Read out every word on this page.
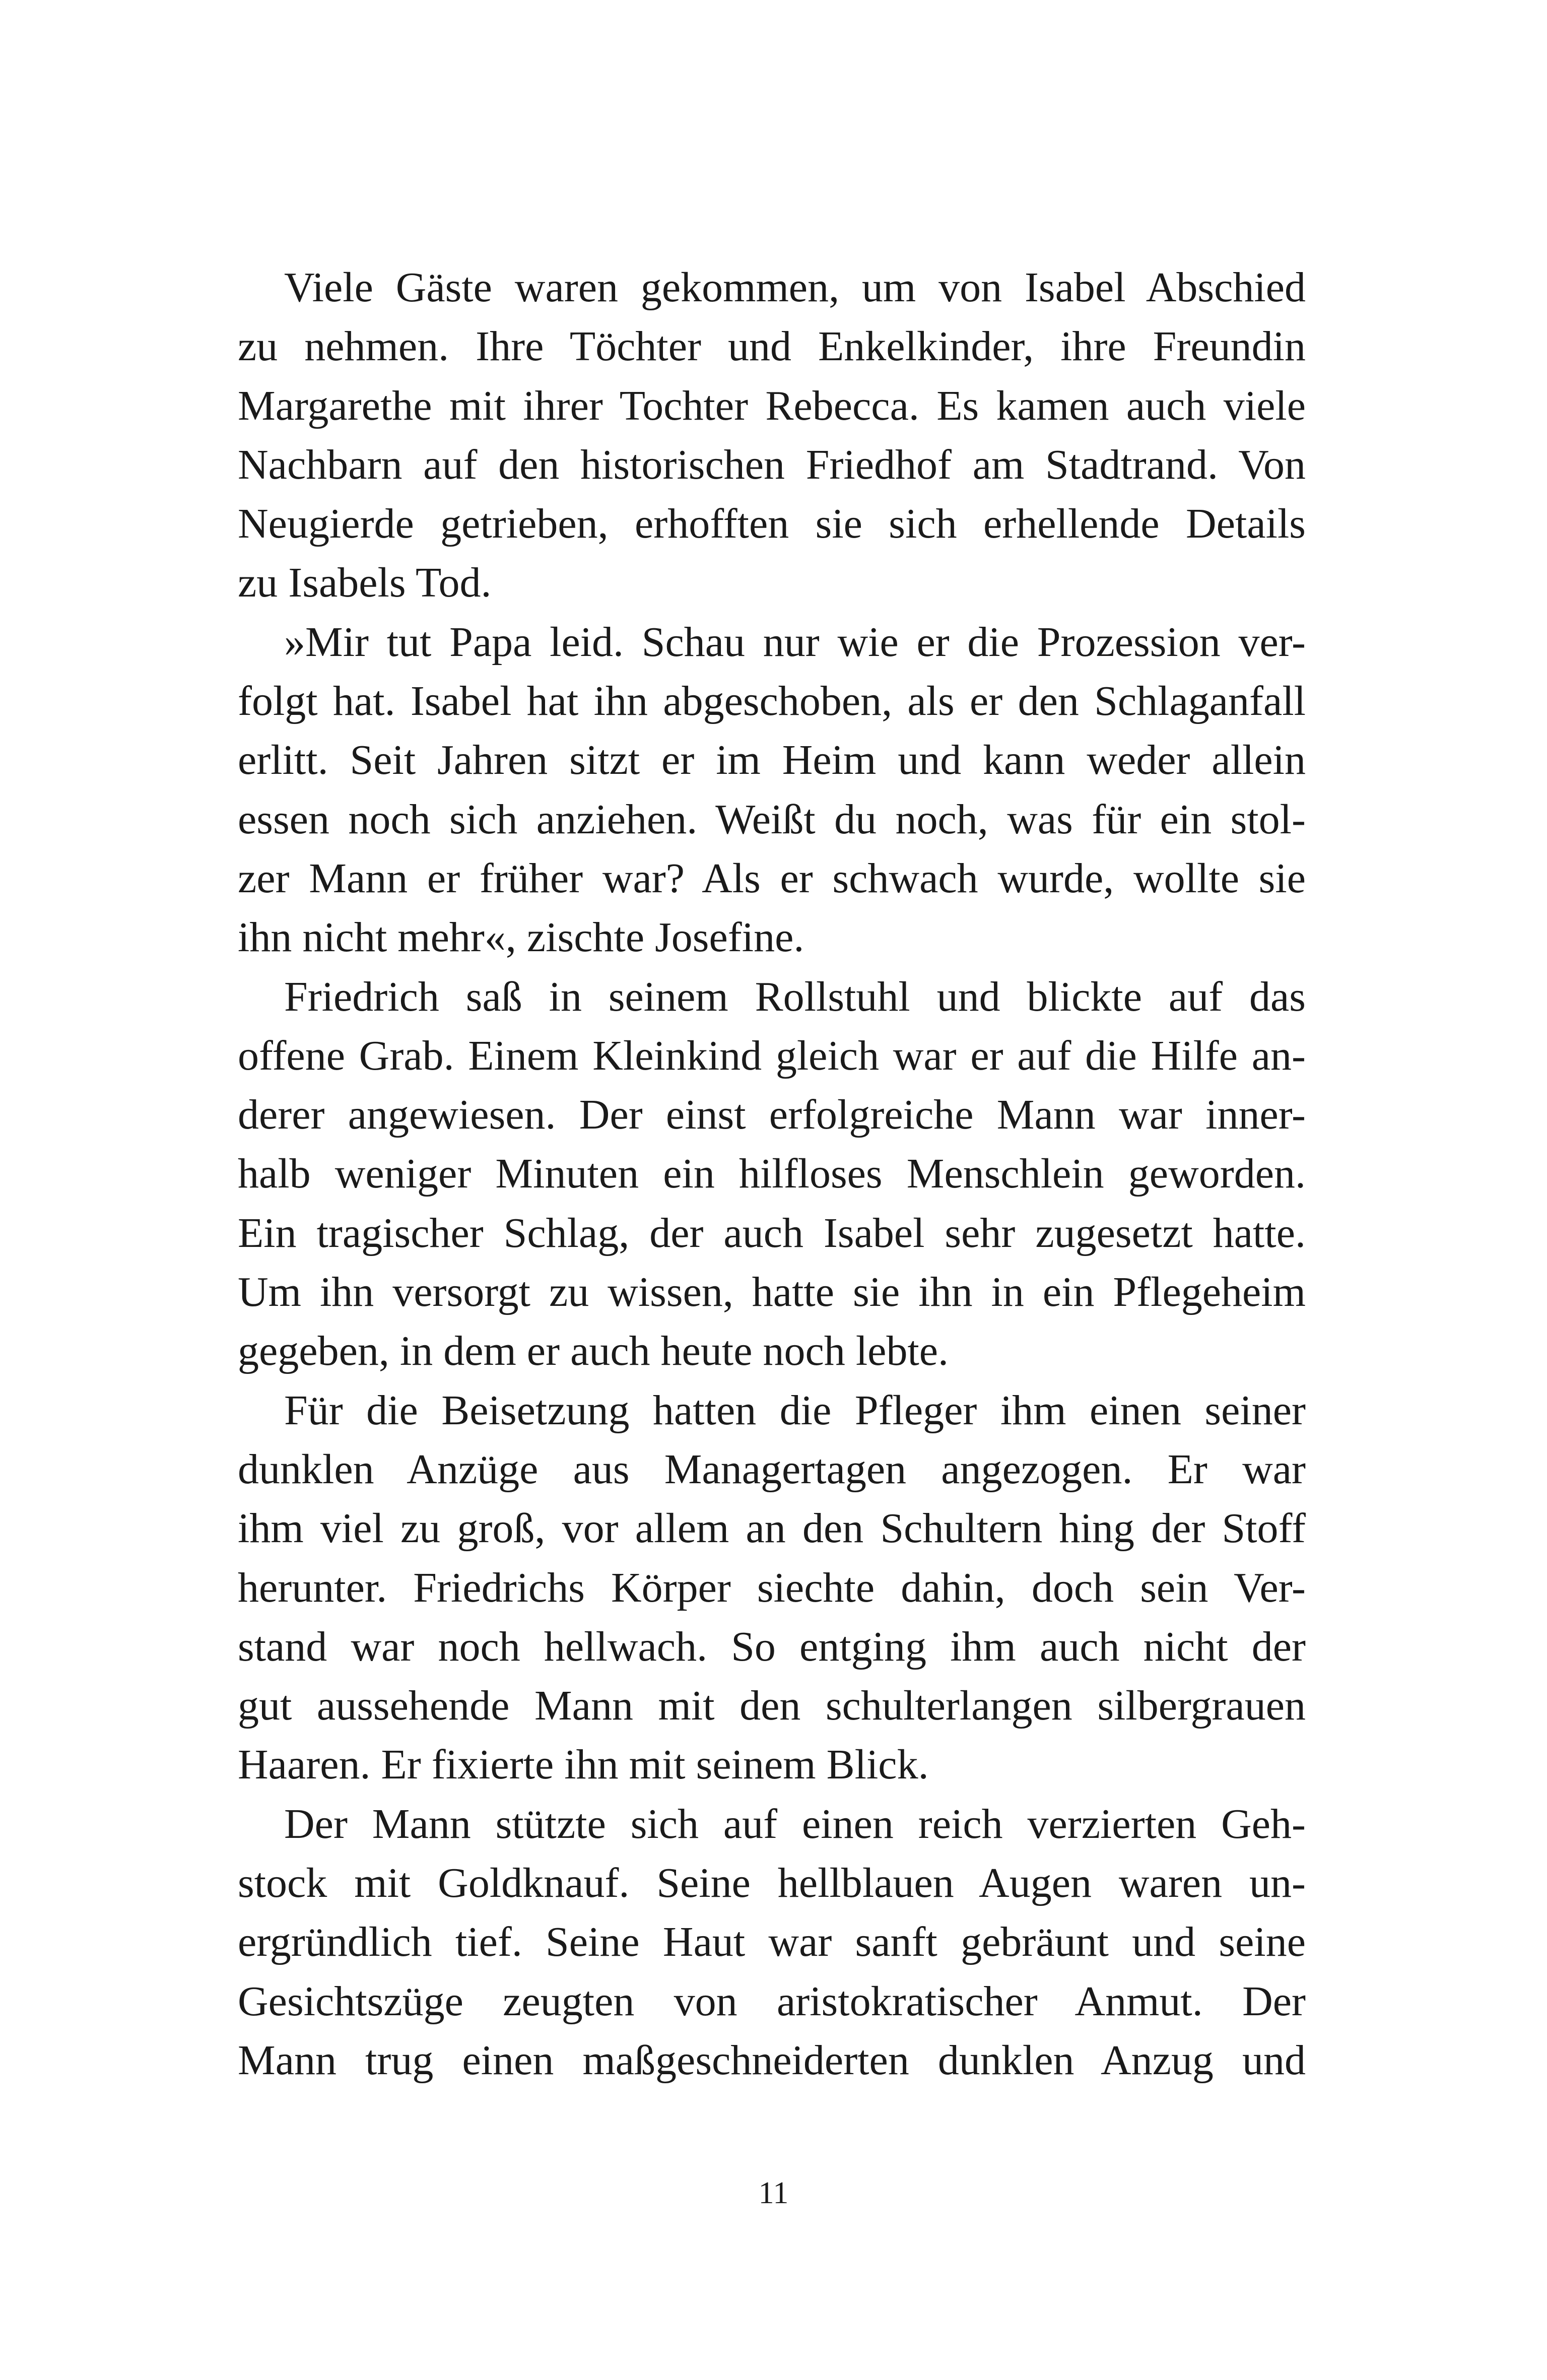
Viele Gäste waren gekommen, um von Isabel Abschied
zu nehmen. Ihre Töchter und Enkelkinder, ihre Freundin
Margarethe mit ihrer Tochter Rebecca. Es kamen auch viele
Nachbarn auf den historischen Friedhof am Stadtrand. Von
Neugierde getrieben, erhofften sie sich erhellende Details
zu Isabels Tod.
»Mir tut Papa leid. Schau nur wie er die Prozession ver-
folgt hat. Isabel hat ihn abgeschoben, als er den Schlaganfall
erlitt. Seit Jahren sitzt er im Heim und kann weder allein
essen noch sich anziehen. Weißt du noch, was für ein stol-
zer Mann er früher war? Als er schwach wurde, wollte sie
ihn nicht mehr«, zischte Josefine.
Friedrich saß in seinem Rollstuhl und blickte auf das
offene Grab. Einem Kleinkind gleich war er auf die Hilfe an-
derer angewiesen. Der einst erfolgreiche Mann war inner-
halb weniger Minuten ein hilfloses Menschlein geworden.
Ein tragischer Schlag, der auch Isabel sehr zugesetzt hatte.
Um ihn versorgt zu wissen, hatte sie ihn in ein Pflegeheim
gegeben, in dem er auch heute noch lebte.
Für die Beisetzung hatten die Pfleger ihm einen seiner
dunklen Anzüge aus Managertagen angezogen. Er war
ihm viel zu groß, vor allem an den Schultern hing der Stoff
herunter. Friedrichs Körper siechte dahin, doch sein Ver-
stand war noch hellwach. So entging ihm auch nicht der
gut aussehende Mann mit den schulterlangen silbergrauen
Haaren. Er fixierte ihn mit seinem Blick.
Der Mann stützte sich auf einen reich verzierten Geh-
stock mit Goldknauf. Seine hellblauen Augen waren un-
ergründlich tief. Seine Haut war sanft gebräunt und seine
Gesichtszüge zeugten von aristokratischer Anmut. Der
Mann trug einen maßgeschneiderten dunklen Anzug und
11
